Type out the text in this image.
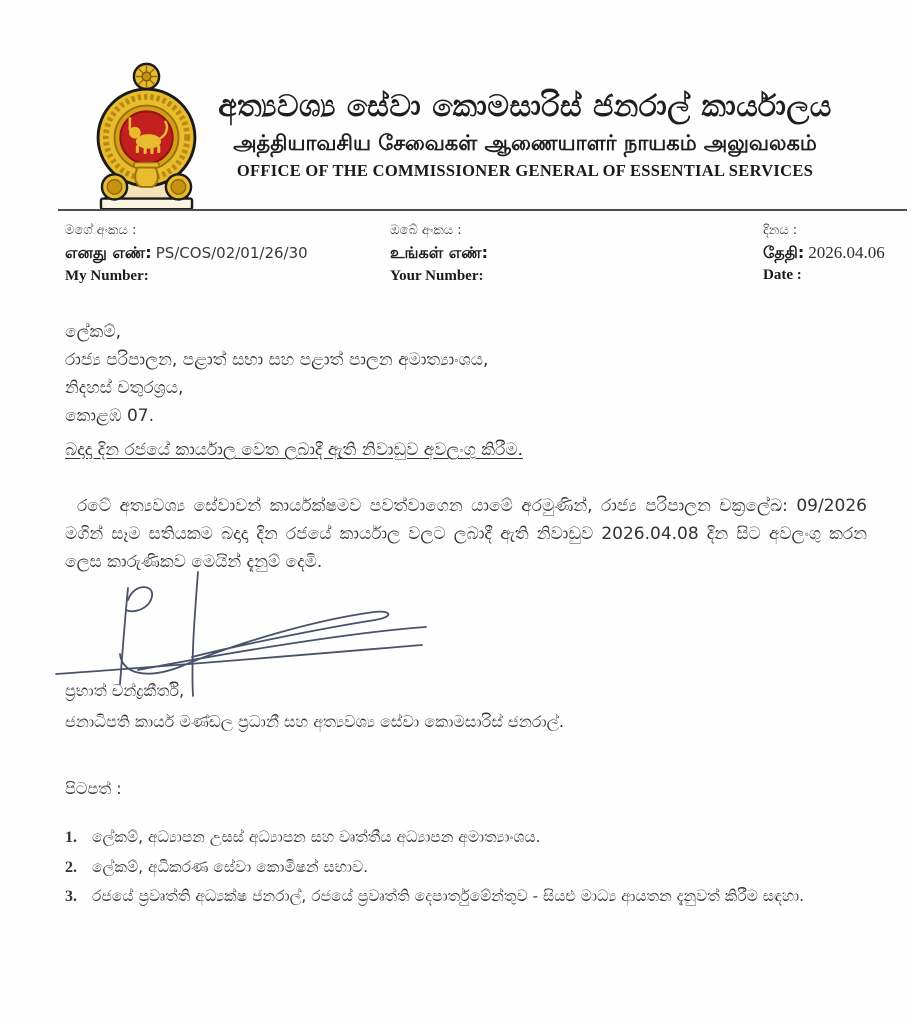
අත්‍යවශ්‍ය සේවා කොමසාරිස් ජනරාල් කාර්යාලය
அத்தியாவசிய சேவைகள் ஆணையாளர் நாயகம் அலுவலகம்
OFFICE OF THE COMMISSIONER GENERAL OF ESSENTIAL SERVICES
මගේ අංකය :
எனது எண்: PS/COS/02/01/26/30
My Number:
ඔබේ අංකය :
உங்கள் எண்:
Your Number:
දිනය :
தேதி: 2026.04.06
Date :
ලේකම්,
රාජ්‍ය පරිපාලන, පළාත් සභා සහ පළාත් පාලන අමාත්‍යාංශය,
නිදහස් චතුරශ්‍රය,
කොළඹ 07.
බදාදා දින රජයේ කාර්යාල වෙත ලබාදී ඇති නිවාඩුව අවලංගු කිරීම.
රටේ අත්‍යවශ්‍ය සේවාවන් කාර්යක්ෂමව පවත්වාගෙන යාමේ අරමුණින්, රාජ්‍ය පරිපාලන චක්‍රලේඛ: 09/2026 මගින් සෑම සතියකම බදාදා දින රජයේ කාර්යාල වලට ලබාදී ඇති නිවාඩුව 2026.04.08 දින සිට අවලංගු කරන ලෙස කාරුණිකව මෙයින් දැනුම් දෙමි.
ප්‍රභාත් චන්ද්‍රකීර්ති,
ජනාධිපති කාර්ය මණ්ඩල ප්‍රධානී සහ අත්‍යවශ්‍ය සේවා කොමසාරිස් ජනරාල්.
පිටපත් :
1. ලේකම්, අධ්‍යාපන උසස් අධ්‍යාපන සහ වෘත්තීය අධ්‍යාපන අමාත්‍යාංශය.
2. ලේකම්, අධිකරණ සේවා කොමිෂන් සභාව.
3. රජයේ ප්‍රවෘත්ති අධ්‍යක්ෂ ජනරාල්, රජයේ ප්‍රවෘත්ති දෙපාර්තුමේන්තුව - සියළු මාධ්‍ය ආයතන දැනුවත් කිරීම සඳහා.
